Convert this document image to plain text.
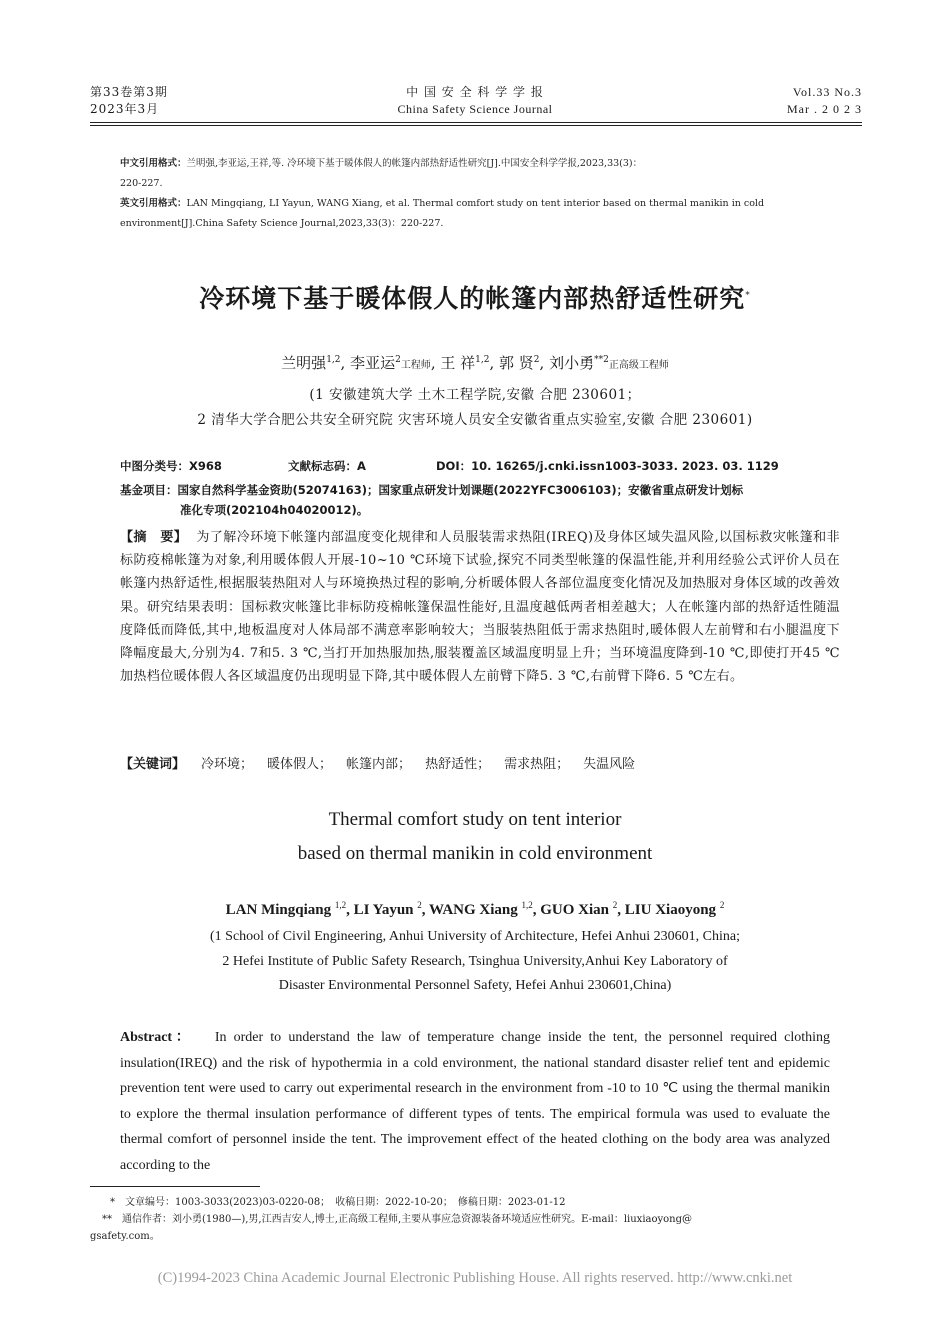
第33卷第3期
2023年3月
中 国 安 全 科 学 学 报
China Safety Science Journal
Vol.33 No.3
Mar . 2 0 2 3
中文引用格式：兰明强,李亚运,王祥,等. 冷环境下基于暖体假人的帐篷内部热舒适性研究[J].中国安全科学学报,2023,33(3)：
220-227.
英文引用格式：LAN Mingqiang, LI Yayun, WANG Xiang, et al. Thermal comfort study on tent interior based on thermal manikin in cold
environment[J].China Safety Science Journal,2023,33(3)：220-227.
冷环境下基于暖体假人的帐篷内部热舒适性研究*
兰明强$^{1,2}$, 李亚运$^2$工程师, 王 祥$^{1,2}$, 郭 贤$^2$, 刘小勇$^{**2}$正高级工程师
(1 安徽建筑大学 土木工程学院,安徽 合肥 230601；
2 清华大学合肥公共安全研究院 灾害环境人员安全安徽省重点实验室,安徽 合肥 230601)
中图分类号：X968	文献标志码：A	DOI：10. 16265/j.cnki.issn1003-3033. 2023. 03. 1129
基金项目：国家自然科学基金资助(52074163)；国家重点研发计划课题(2022YFC3006103)；安徽省重点研发计划标
准化专项(202104h04020012)。
【摘　要】 为了解冷环境下帐篷内部温度变化规律和人员服装需求热阻(IREQ)及身体区域失温风险,以国标救灾帐篷和非标防疫棉帐篷为对象,利用暖体假人开展-10~10 ℃环境下试验,探究不同类型帐篷的保温性能,并利用经验公式评价人员在帐篷内热舒适性,根据服装热阻对人与环境换热过程的影响,分析暖体假人各部位温度变化情况及加热服对身体区域的改善效果。研究结果表明：国标救灾帐篷比非标防疫棉帐篷保温性能好,且温度越低两者相差越大；人在帐篷内部的热舒适性随温度降低而降低,其中,地板温度对人体局部不满意率影响较大；当服装热阻低于需求热阻时,暖体假人左前臂和右小腿温度下降幅度最大,分别为4. 7和5. 3 ℃,当打开加热服加热,服装覆盖区域温度明显上升；当环境温度降到-10 ℃,即使打开45 ℃加热档位暖体假人各区域温度仍出现明显下降,其中暖体假人左前臂下降5. 3 ℃,右前臂下降6. 5 ℃左右。
【关键词】 冷环境； 暖体假人； 帐篷内部； 热舒适性； 需求热阻； 失温风险
Thermal comfort study on tent interior
based on thermal manikin in cold environment
LAN Mingqiang $^{1,2}$, LI Yayun $^2$, WANG Xiang $^{1,2}$, GUO Xian $^2$, LIU Xiaoyong $^2$
(1 School of Civil Engineering, Anhui University of Architecture, Hefei Anhui 230601, China;
2 Hefei Institute of Public Safety Research, Tsinghua University,Anhui Key Laboratory of
Disaster Environmental Personnel Safety, Hefei Anhui 230601,China)
Abstract： In order to understand the law of temperature change inside the tent, the personnel required clothing insulation(IREQ) and the risk of hypothermia in a cold environment, the national standard disaster relief tent and epidemic prevention tent were used to carry out experimental research in the environment from -10 to 10 ℃ using the thermal manikin to explore the thermal insulation performance of different types of tents. The empirical formula was used to evaluate the thermal comfort of personnel inside the tent. The improvement effect of the heated clothing on the body area was analyzed according to the
*　文章编号：1003-3033(2023)03-0220-08；　收稿日期：2022-10-20；　修稿日期：2023-01-12
**　通信作者：刘小勇(1980—),男,江西吉安人,博士,正高级工程师,主要从事应急资源装备环境适应性研究。E-mail：liuxiaoyong@
gsafety.com。
(C)1994-2023 China Academic Journal Electronic Publishing House. All rights reserved. http://www.cnki.net
